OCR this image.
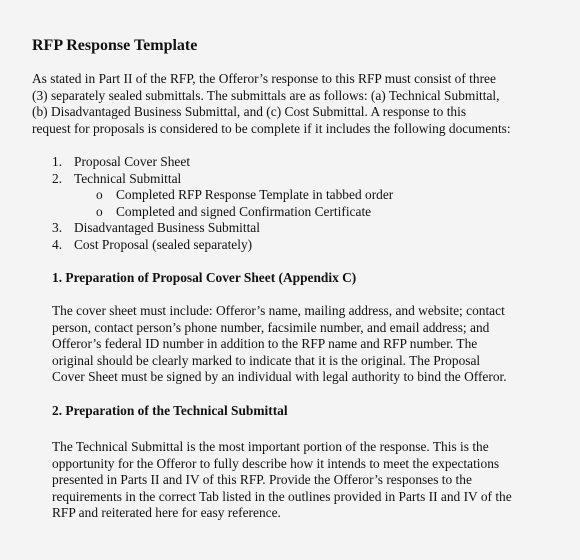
RFP Response Template
As stated in Part II of the RFP, the Offeror’s response to this RFP must consist of three
(3) separately sealed submittals. The submittals are as follows: (a) Technical Submittal,
(b) Disadvantaged Business Submittal, and (c) Cost Submittal. A response to this
request for proposals is considered to be complete if it includes the following documents:
1. Proposal Cover Sheet
2. Technical Submittal
o Completed RFP Response Template in tabbed order
o Completed and signed Confirmation Certificate
3. Disadvantaged Business Submittal
4. Cost Proposal (sealed separately)
1. Preparation of Proposal Cover Sheet (Appendix C)
The cover sheet must include: Offeror’s name, mailing address, and website; contact
person, contact person’s phone number, facsimile number, and email address; and
Offeror’s federal ID number in addition to the RFP name and RFP number. The
original should be clearly marked to indicate that it is the original. The Proposal
Cover Sheet must be signed by an individual with legal authority to bind the Offeror.
2. Preparation of the Technical Submittal
The Technical Submittal is the most important portion of the response. This is the
opportunity for the Offeror to fully describe how it intends to meet the expectations
presented in Parts II and IV of this RFP. Provide the Offeror’s responses to the
requirements in the correct Tab listed in the outlines provided in Parts II and IV of the
RFP and reiterated here for easy reference.
